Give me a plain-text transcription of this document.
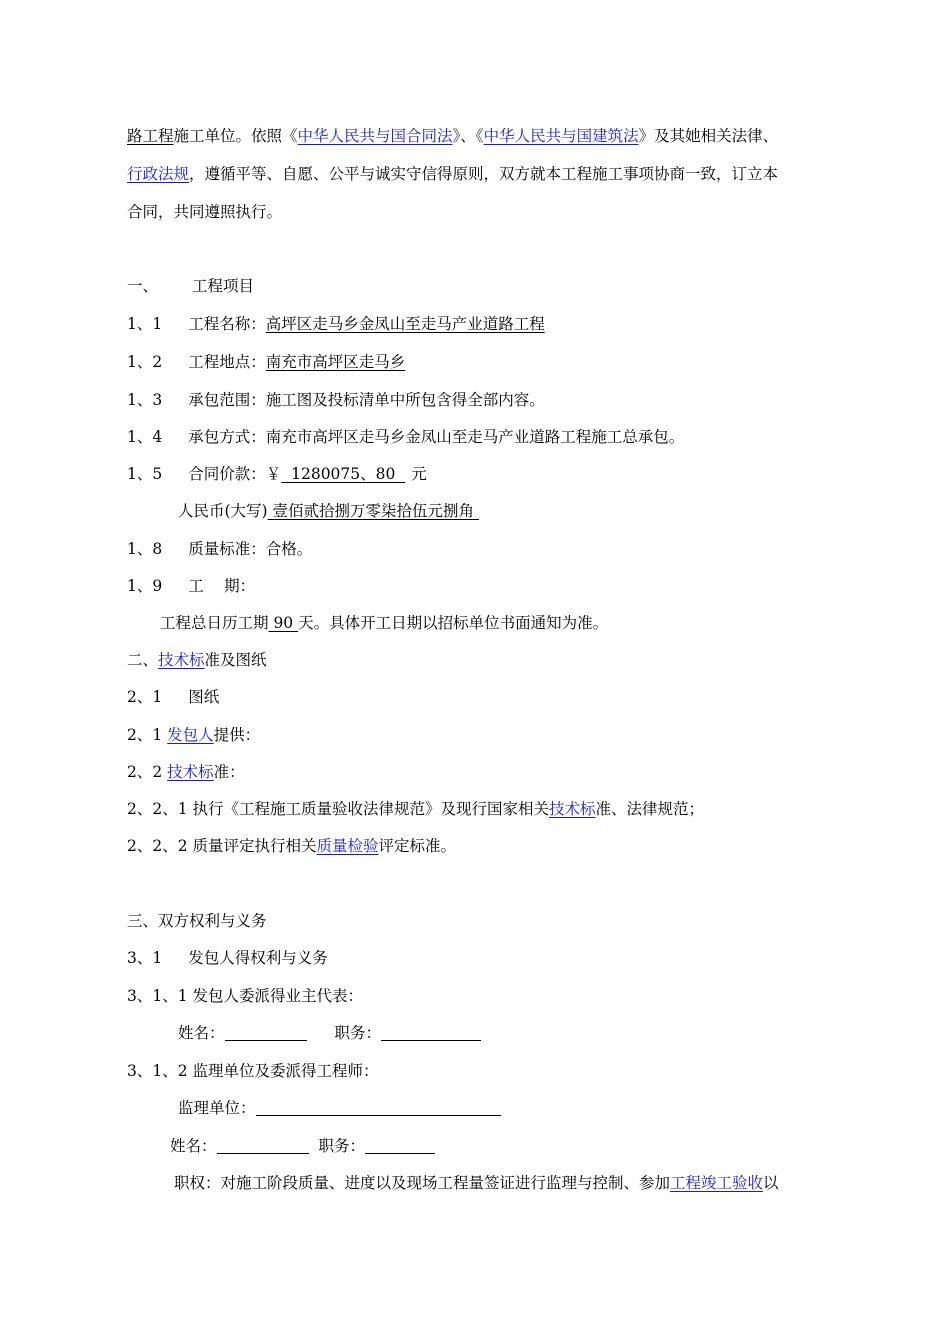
路工程施工单位。依照《中华人民共与国合同法》、《中华人民共与国建筑法》及其她相关法律、
行政法规，遵循平等、自愿、公平与诚实守信得原则，双方就本工程施工事项协商一致，订立本
合同，共同遵照执行。
一、 工程项目
1、1 工程名称：高坪区走马乡金凤山至走马产业道路工程
1、2 工程地点：南充市高坪区走马乡
1、3 承包范围：施工图及投标清单中所包含得全部内容。
1、4 承包方式：南充市高坪区走马乡金凤山至走马产业道路工程施工总承包。
1、5 合同价款：￥  1280075、80  元
人民币(大写) 壹佰贰拾捌万零柒拾伍元捌角
1、8 质量标准：合格。
1、9 工　 期：
工程总日历工期 90 天。具体开工日期以招标单位书面通知为准。
二、技术标准及图纸
2、1 图纸
2、1 发包人提供：
2、2 技术标准：
2、2、1 执行《工程施工质量验收法律规范》及现行国家相关技术标准、法律规范；
2、2、2 质量评定执行相关质量检验评定标准。
三、双方权利与义务
3、1 发包人得权利与义务
3、1、1 发包人委派得业主代表：
姓名：	职务：
3、1、2 监理单位及委派得工程师：
监理单位：
姓名：	职务：
职权：对施工阶段质量、进度以及现场工程量签证进行监理与控制、参加工程竣工验收以
